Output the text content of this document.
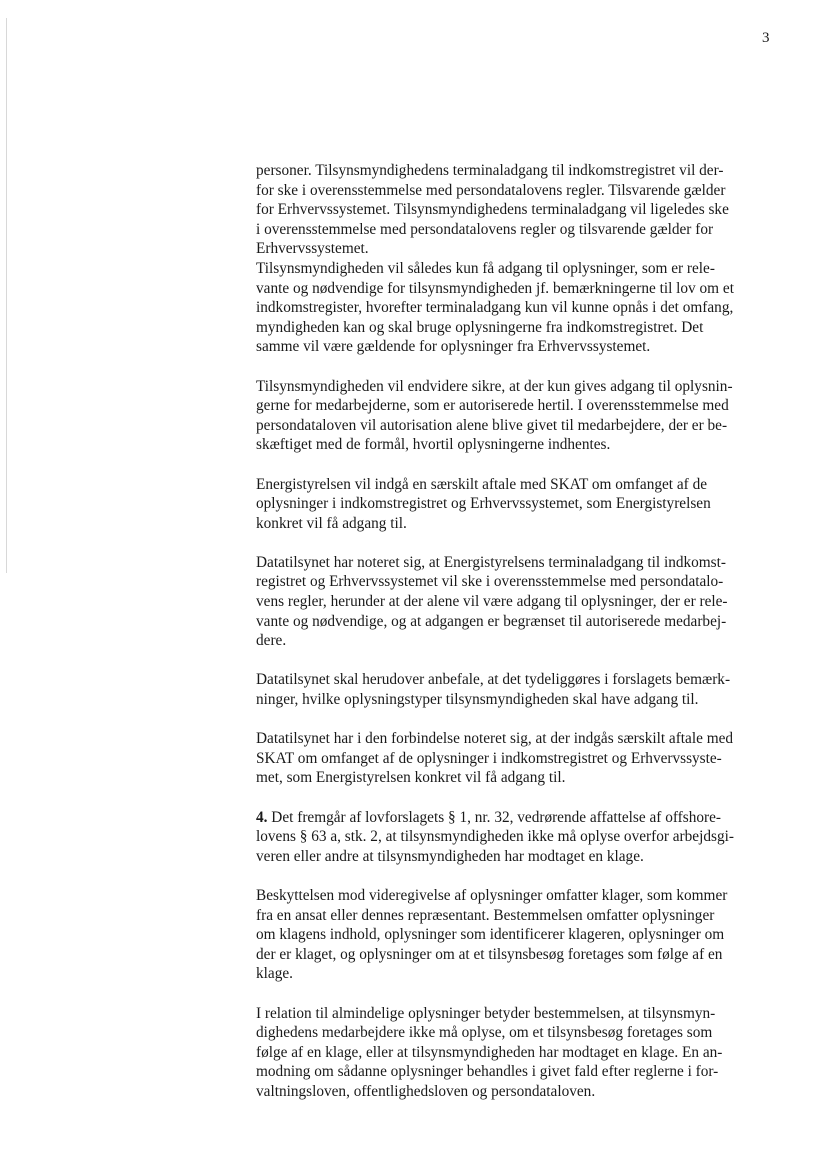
3
personer. Tilsynsmyndighedens terminaladgang til indkomstregistret vil der-
for ske i overensstemmelse med persondatalovens regler. Tilsvarende gælder
for Erhvervssystemet. Tilsynsmyndighedens terminaladgang vil ligeledes ske
i overensstemmelse med persondatalovens regler og tilsvarende gælder for
Erhvervssystemet.
Tilsynsmyndigheden vil således kun få adgang til oplysninger, som er rele-
vante og nødvendige for tilsynsmyndigheden jf. bemærkningerne til lov om et
indkomstregister, hvorefter terminaladgang kun vil kunne opnås i det omfang,
myndigheden kan og skal bruge oplysningerne fra indkomstregistret. Det
samme vil være gældende for oplysninger fra Erhvervssystemet.
Tilsynsmyndigheden vil endvidere sikre, at der kun gives adgang til oplysnin-
gerne for medarbejderne, som er autoriserede hertil. I overensstemmelse med
persondataloven vil autorisation alene blive givet til medarbejdere, der er be-
skæftiget med de formål, hvortil oplysningerne indhentes.
Energistyrelsen vil indgå en særskilt aftale med SKAT om omfanget af de
oplysninger i indkomstregistret og Erhvervssystemet, som Energistyrelsen
konkret vil få adgang til.
Datatilsynet har noteret sig, at Energistyrelsens terminaladgang til indkomst-
registret og Erhvervssystemet vil ske i overensstemmelse med persondatalo-
vens regler, herunder at der alene vil være adgang til oplysninger, der er rele-
vante og nødvendige, og at adgangen er begrænset til autoriserede medarbej-
dere.
Datatilsynet skal herudover anbefale, at det tydeliggøres i forslagets bemærk-
ninger, hvilke oplysningstyper tilsynsmyndigheden skal have adgang til.
Datatilsynet har i den forbindelse noteret sig, at der indgås særskilt aftale med
SKAT om omfanget af de oplysninger i indkomstregistret og Erhvervssyste-
met, som Energistyrelsen konkret vil få adgang til.
4. Det fremgår af lovforslagets § 1, nr. 32, vedrørende affattelse af offshore-
lovens § 63 a, stk. 2, at tilsynsmyndigheden ikke må oplyse overfor arbejdsgi-
veren eller andre at tilsynsmyndigheden har modtaget en klage.
Beskyttelsen mod videregivelse af oplysninger omfatter klager, som kommer
fra en ansat eller dennes repræsentant. Bestemmelsen omfatter oplysninger
om klagens indhold, oplysninger som identificerer klageren, oplysninger om
der er klaget, og oplysninger om at et tilsynsbesøg foretages som følge af en
klage.
I relation til almindelige oplysninger betyder bestemmelsen, at tilsynsmyn-
dighedens medarbejdere ikke må oplyse, om et tilsynsbesøg foretages som
følge af en klage, eller at tilsynsmyndigheden har modtaget en klage. En an-
modning om sådanne oplysninger behandles i givet fald efter reglerne i for-
valtningsloven, offentlighedsloven og persondataloven.
